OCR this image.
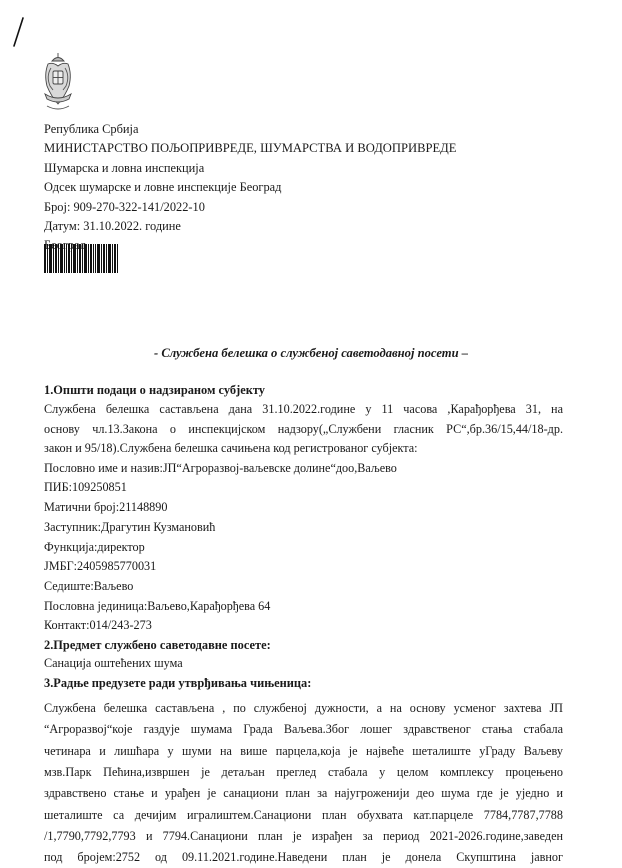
Република Србија
МИНИСТАРСТВО ПОЉОПРИВРЕДЕ, ШУМАРСТВА И ВОДОПРИВРЕДЕ
Шумарска и ловна инспекција
Одсек шумарске и ловне инспекције Београд
Број: 909-270-322-141/2022-10
Датум: 31.10.2022. године
- Службена белешка о службеној саветодавној посети –
1.Општи подаци о надзираном субјекту
Службена белешка састављена дана 31.10.2022.године у 11 часова ,Карађорђева 31, на
основу чл.13.Закона о инспекцијском надзору(„Службени гласник РС“,бр.36/15,44/18-др.
закон и 95/18).Службена белешка сачињена код регистрованог субјекта:
Пословно име и назив:ЈП“Агроразвој-ваљевске долине“доо,Ваљево
ПИБ:109250851
Матични број:21148890
Заступник:Драгутин Кузмановић
Функција:директор
ЈМБГ:2405985770031
Седиште:Ваљево
Пословна јединица:Ваљево,Карађорђева 64
Контакт:014/243-273
2.Предмет службено саветодавне посете:
Санација оштећених шума
3.Радње предузете ради утврђивања чињеница:
Службена белешка састављена , по службеној дужности, а на основу усменог захтева ЈП
“Агроразвој“које газдује шумама Града Ваљева.Због лошег здравственог стања стабала
четинара и лишћара у шуми на више парцела,која је највеће шеталиште уГраду Ваљеву
мзв.Парк Пећина,извршен је детаљан преглед стабала у целом комплексу процењено
здравствено стање и урађен је санациони план за најугроженији део шума где је уједно и
шеталиште са дечијим игралиштем.Санациони план обухвата кат.парцеле 7784,7787,7788
/1,7790,7792,7793 и 7794.Санациони план је израђен за период 2021-2026.године,заведен
под бројем:2752 од 09.11.2021.године.Наведени план је донела Скупштина јавног
